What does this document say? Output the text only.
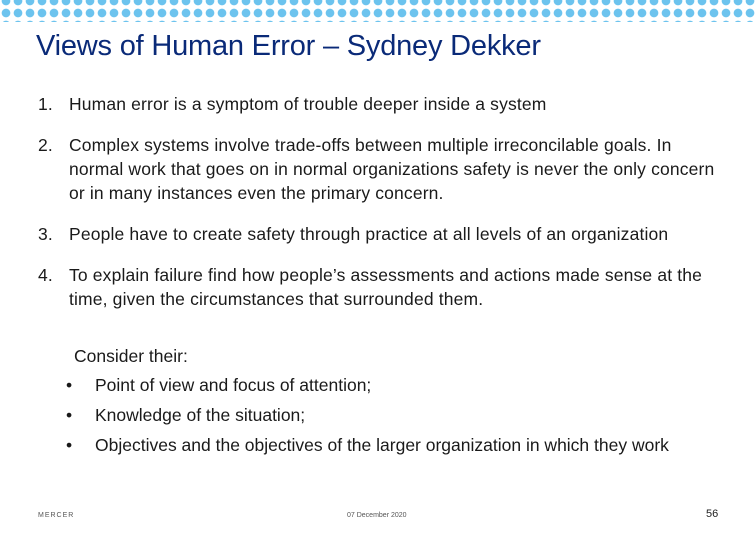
Views of Human Error – Sydney Dekker
1. Human error is a symptom of trouble deeper inside a system
2. Complex systems involve trade-offs between multiple irreconcilable goals. In normal work that goes on in normal organizations safety is never the only concern or in many instances even the primary concern.
3. People have to create safety through practice at all levels of an organization
4. To explain failure find how people’s assessments and actions made sense at the time, given the circumstances that surrounded them.
Consider their:
• Point of view and focus of attention;
• Knowledge of the situation;
• Objectives and the objectives of the larger organization in which they work
MERCER	07 December 2020	56
